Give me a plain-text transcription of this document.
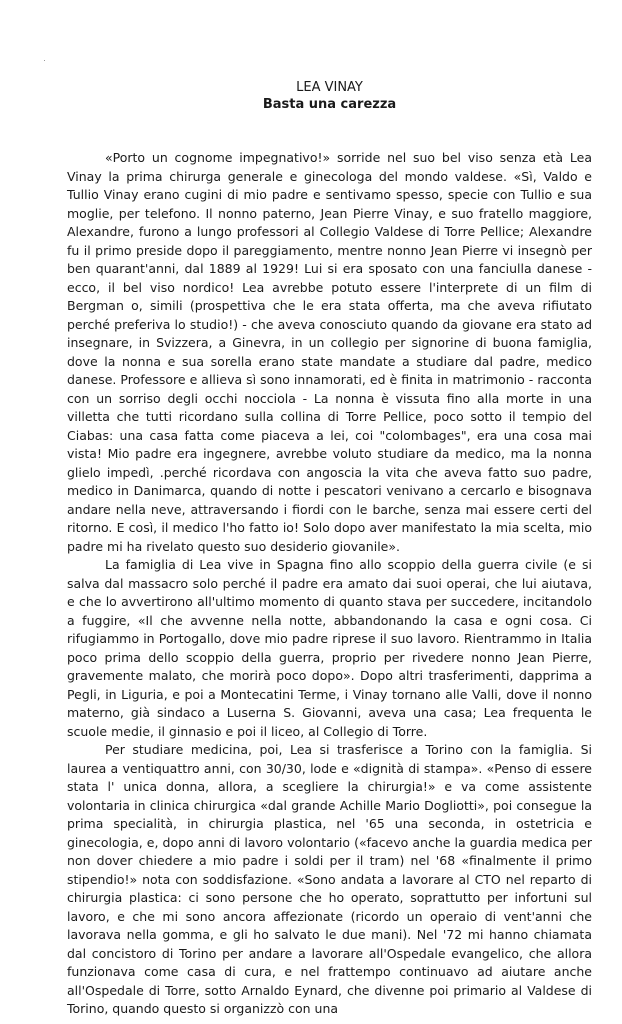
LEA VINAY

Basta una carezza

«Porto un cognome impegnativo!» sorride nel suo bel viso senza età Lea Vinay la prima chirurga generale e ginecologa del mondo valdese. «Sì, Valdo e Tullio Vinay erano cugini di mio padre e sentivamo spesso, specie con Tullio e sua moglie, per telefono. Il nonno paterno, Jean Pierre Vinay, e suo fratello maggiore, Alexandre, furono a lungo professori al Collegio Valdese di Torre Pellice; Alexandre fu il primo preside dopo il pareggiamento, mentre nonno Jean Pierre vi insegnò per ben quarant'anni, dal 1889 al 1929! Lui si era sposato con una fanciulla danese - ecco, il bel viso nordico! Lea avrebbe potuto essere l'interprete di un film di Bergman o, simili (prospettiva che le era stata offerta, ma che aveva rifiutato perché preferiva lo studio!) - che aveva conosciuto quando da giovane era stato ad insegnare, in Svizzera, a Ginevra, in un collegio per signorine di buona famiglia, dove la nonna e sua sorella erano state mandate a studiare dal padre, medico danese. Professore e allieva sì sono innamorati, ed è finita in matrimonio - racconta con un sorriso degli occhi nocciola - La nonna è vissuta fino alla morte in una villetta che tutti ricordano sulla collina di Torre Pellice, poco sotto il tempio del Ciabas: una casa fatta come piaceva a lei, coi "colombages", era una cosa mai vista! Mio padre era ingegnere, avrebbe voluto studiare da medico, ma la nonna glielo impedì, .perché ricordava con angoscia la vita che aveva fatto suo padre, medico in Danimarca, quando di notte i pescatori venivano a cercarlo e bisognava andare nella neve, attraversando i fiordi con le barche, senza mai essere certi del ritorno. E così, il medico l'ho fatto io! Solo dopo aver manifestato la mia scelta, mio padre mi ha rivelato questo suo desiderio giovanile».

La famiglia di Lea vive in Spagna fino allo scoppio della guerra civile (e si salva dal massacro solo perché il padre era amato dai suoi operai, che lui aiutava, e che lo avvertirono all'ultimo momento di quanto stava per succedere, incitandolo a fuggire, «Il che avvenne nella notte, abbandonando la casa e ogni cosa. Ci rifugiammo in Portogallo, dove mio padre riprese il suo lavoro. Rientrammo in Italia poco prima dello scoppio della guerra, proprio per rivedere nonno Jean Pierre, gravemente malato, che morirà poco dopo». Dopo altri trasferimenti, dapprima a Pegli, in Liguria, e poi a Montecatini Terme, i Vinay tornano alle Valli, dove il nonno materno, già sindaco a Luserna S. Giovanni, aveva una casa; Lea frequenta le scuole medie, il ginnasio e poi il liceo, al Collegio di Torre.

Per studiare medicina, poi, Lea si trasferisce a Torino con la famiglia. Si laurea a ventiquattro anni, con 30/30, lode e «dignità di stampa». «Penso di essere stata l' unica donna, allora, a scegliere la chirurgia!» e va come assistente volontaria in clinica chirurgica «dal grande Achille Mario Dogliotti», poi consegue la prima specialità, in chirurgia plastica, nel '65 una seconda, in ostetricia e ginecologia, e, dopo anni di lavoro volontario («facevo anche la guardia medica per non dover chiedere a mio padre i soldi per il tram) nel '68 «finalmente il primo stipendio!» nota con soddisfazione. «Sono andata a lavorare al CTO nel reparto di chirurgia plastica: ci sono persone che ho operato, soprattutto per infortuni sul lavoro, e che mi sono ancora affezionate (ricordo un operaio di vent'anni che lavorava nella gomma, e gli ho salvato le due mani). Nel '72 mi hanno chiamata dal concistoro di Torino per andare a lavorare all'Ospedale evangelico, che allora funzionava come casa di cura, e nel frattempo continuavo ad aiutare anche all'Ospedale di Torre, sotto Arnaldo Eynard, che divenne poi primario al Valdese di Torino, quando questo si organizzò con una
